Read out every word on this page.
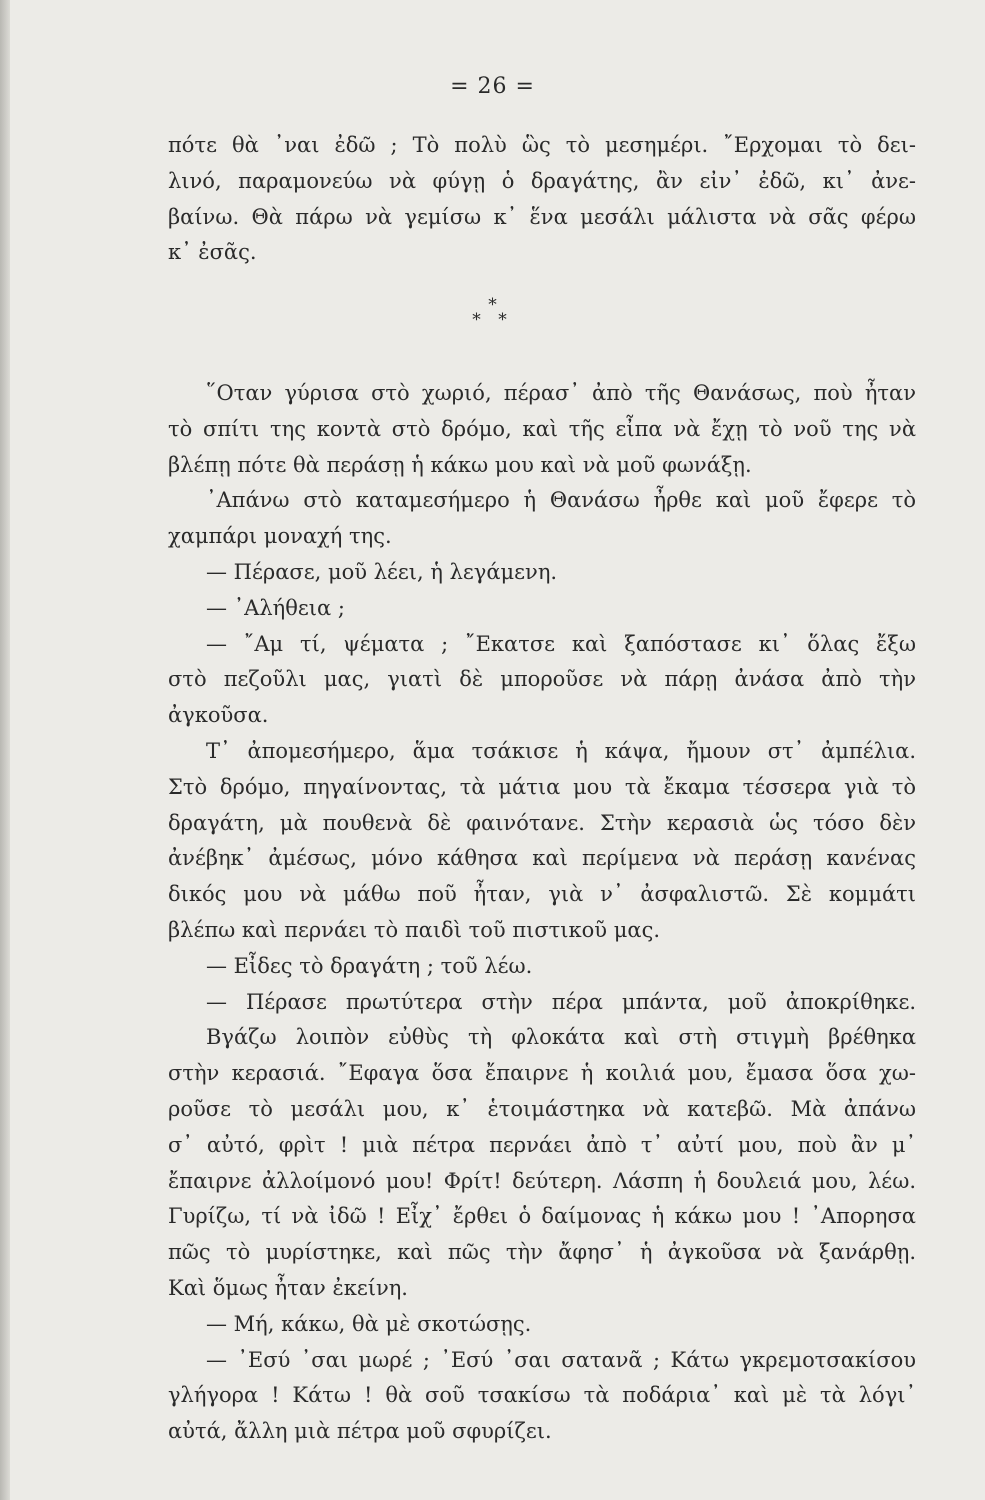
= 26 =
πότε θὰ ᾽ναι ἐδῶ ; Τὸ πολὺ ὣς τὸ μεσημέρι. ῎Ερχομαι τὸ δει-
λινό, παραμονεύω νὰ φύγῃ ὁ δραγάτης, ἂν εἰν᾽ ἐδῶ, κι᾽ ἀνε-
βαίνω. Θὰ πάρω νὰ γεμίσω κ᾽ ἕνα μεσάλι μάλιστα νὰ σᾶς φέρω
κ᾽ ἐσᾶς.
*
* *
῞Οταν γύρισα στὸ χωριό, πέρασ᾽ ἀπὸ τῆς Θανάσως, ποὺ ἦταν
τὸ σπίτι της κοντὰ στὸ δρόμο, καὶ τῆς εἶπα νὰ ἔχῃ τὸ νοῦ της νὰ
βλέπῃ πότε θὰ περάσῃ ἡ κάκω μου καὶ νὰ μοῦ φωνάξῃ.
᾽Απάνω στὸ καταμεσήμερο ἡ Θανάσω ἦρθε καὶ μοῦ ἔφερε τὸ
χαμπάρι μοναχή της.
— Πέρασε, μοῦ λέει, ἡ λεγάμενη.
— ᾽Αλήθεια ;
— ῎Αμ τί, ψέματα ; ῎Εκατσε καὶ ξαπόστασε κι᾽ ὅλας ἔξω
στὸ πεζοῦλι μας, γιατὶ δὲ μποροῦσε νὰ πάρῃ ἀνάσα ἀπὸ τὴν
ἀγκοῦσα.
Τ᾽ ἀπομεσήμερο, ἅμα τσάκισε ἡ κάψα, ἤμουν στ᾽ ἀμπέλια.
Στὸ δρόμο, πηγαίνοντας, τὰ μάτια μου τὰ ἔκαμα τέσσερα γιὰ τὸ
δραγάτη, μὰ πουθενὰ δὲ φαινότανε. Στὴν κερασιὰ ὡς τόσο δὲν
ἀνέβηκ᾽ ἀμέσως, μόνο κάθησα καὶ περίμενα νὰ περάσῃ κανένας
δικός μου νὰ μάθω ποῦ ἦταν, γιὰ ν᾽ ἀσφαλιστῶ. Σὲ κομμάτι
βλέπω καὶ περνάει τὸ παιδὶ τοῦ πιστικοῦ μας.
— Εἶδες τὸ δραγάτη ; τοῦ λέω.
— Πέρασε πρωτύτερα στὴν πέρα μπάντα, μοῦ ἀποκρίθηκε.
Βγάζω λοιπὸν εὐθὺς τὴ φλοκάτα καὶ στὴ στιγμὴ βρέθηκα
στὴν κερασιά. ῎Εφαγα ὅσα ἔπαιρνε ἡ κοιλιά μου, ἔμασα ὅσα χω-
ροῦσε τὸ μεσάλι μου, κ᾽ ἑτοιμάστηκα νὰ κατεβῶ. Μὰ ἀπάνω
σ᾽ αὐτό, φρὶτ ! μιὰ πέτρα περνάει ἀπὸ τ᾽ αὐτί μου, ποὺ ἂν μ᾽
ἔπαιρνε ἀλλοίμονό μου! Φρίτ! δεύτερη. Λάσπη ἡ δουλειά μου, λέω.
Γυρίζω, τί νὰ ἰδῶ ! Εἶχ᾽ ἔρθει ὁ δαίμονας ἡ κάκω μου ! ᾽Απορησα
πῶς τὸ μυρίστηκε, καὶ πῶς τὴν ἄφησ᾽ ἡ ἀγκοῦσα νὰ ξανάρθῃ.
Καὶ ὅμως ἦταν ἐκείνη.
— Μή, κάκω, θὰ μὲ σκοτώσῃς.
— ᾽Εσύ ᾽σαι μωρέ ; ᾽Εσύ ᾽σαι σατανᾶ ; Κάτω γκρεμοτσακίσου
γλήγορα ! Κάτω ! θὰ σοῦ τσακίσω τὰ ποδάρια᾽ καὶ μὲ τὰ λόγι᾽
αὐτά, ἄλλη μιὰ πέτρα μοῦ σφυρίζει.
